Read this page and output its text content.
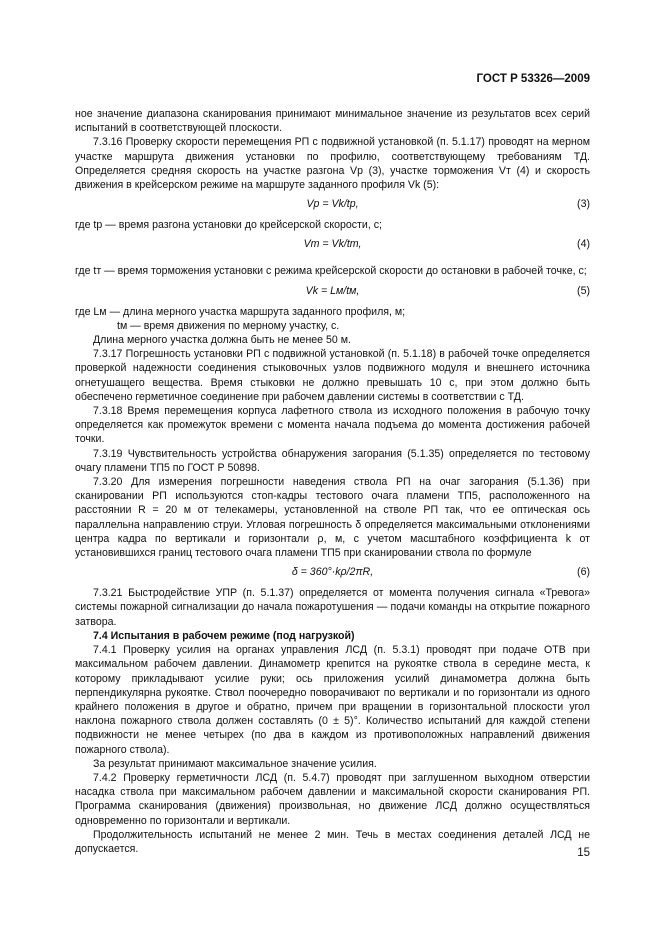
ГОСТ Р 53326—2009

ное значение диапазона сканирования принимают минимальное значение из результатов всех серий испытаний в соответствующей плоскости.

7.3.16 Проверку скорости перемещения РП с подвижной установкой (п. 5.1.17) проводят на мерном участке маршрута движения установки по профилю, соответствующему требованиям ТД. Определяется средняя скорость на участке разгона Vр (3), участке торможения Vт (4) и скорость движения в крейсерском режиме на маршруте заданного профиля Vk (5):

Vр = Vk/tр,	(3)

где tр — время разгона установки до крейсерской скорости, с;

Vт = Vk/tт,	(4)

где tт — время торможения установки с режима крейсерской скорости до остановки в рабочей точке, с;

Vk = Lм/tм,	(5)

где Lм — длина мерного участка маршрута заданного профиля, м;

tм — время движения по мерному участку, с.

Длина мерного участка должна быть не менее 50 м.

7.3.17 Погрешность установки РП с подвижной установкой (п. 5.1.18) в рабочей точке определяется проверкой надежности соединения стыковочных узлов подвижного модуля и внешнего источника огнетушащего вещества. Время стыковки не должно превышать 10 с, при этом должно быть обеспечено герметичное соединение при рабочем давлении системы в соответствии с ТД.

7.3.18 Время перемещения корпуса лафетного ствола из исходного положения в рабочую точку определяется как промежуток времени с момента начала подъема до момента достижения рабочей точки.

7.3.19 Чувствительность устройства обнаружения загорания (5.1.35) определяется по тестовому очагу пламени ТП5 по ГОСТ Р 50898.

7.3.20 Для измерения погрешности наведения ствола РП на очаг загорания (5.1.36) при сканировании РП используются стоп-кадры тестового очага пламени ТП5, расположенного на расстоянии R = 20 м от телекамеры, установленной на стволе РП так, что ее оптическая ось параллельна направлению струи. Угловая погрешность δ определяется максимальными отклонениями центра кадра по вертикали и горизонтали ρ, м, с учетом масштабного коэффициента k от установившихся границ тестового очага пламени ТП5 при сканировании ствола по формуле

δ = 360°·kρ/2πR,	(6)

7.3.21 Быстродействие УПР (п. 5.1.37) определяется от момента получения сигнала «Тревога» системы пожарной сигнализации до начала пожаротушения — подачи команды на открытие пожарного затвора.

7.4 Испытания в рабочем режиме (под нагрузкой)

7.4.1 Проверку усилия на органах управления ЛСД (п. 5.3.1) проводят при подаче ОТВ при максимальном рабочем давлении. Динамометр крепится на рукоятке ствола в середине места, к которому прикладывают усилие руки; ось приложения усилий динамометра должна быть перпендикулярна рукоятке. Ствол поочередно поворачивают по вертикали и по горизонтали из одного крайнего положения в другое и обратно, причем при вращении в горизонтальной плоскости угол наклона пожарного ствола должен составлять (0 ± 5)°. Количество испытаний для каждой степени подвижности не менее четырех (по два в каждом из противоположных направлений движения пожарного ствола).

За результат принимают максимальное значение усилия.

7.4.2 Проверку герметичности ЛСД (п. 5.4.7) проводят при заглушенном выходном отверстии насадка ствола при максимальном рабочем давлении и максимальной скорости сканирования РП. Программа сканирования (движения) произвольная, но движение ЛСД должно осуществляться одновременно по горизонтали и вертикали.

Продолжительность испытаний не менее 2 мин. Течь в местах соединения деталей ЛСД не допускается.	15
